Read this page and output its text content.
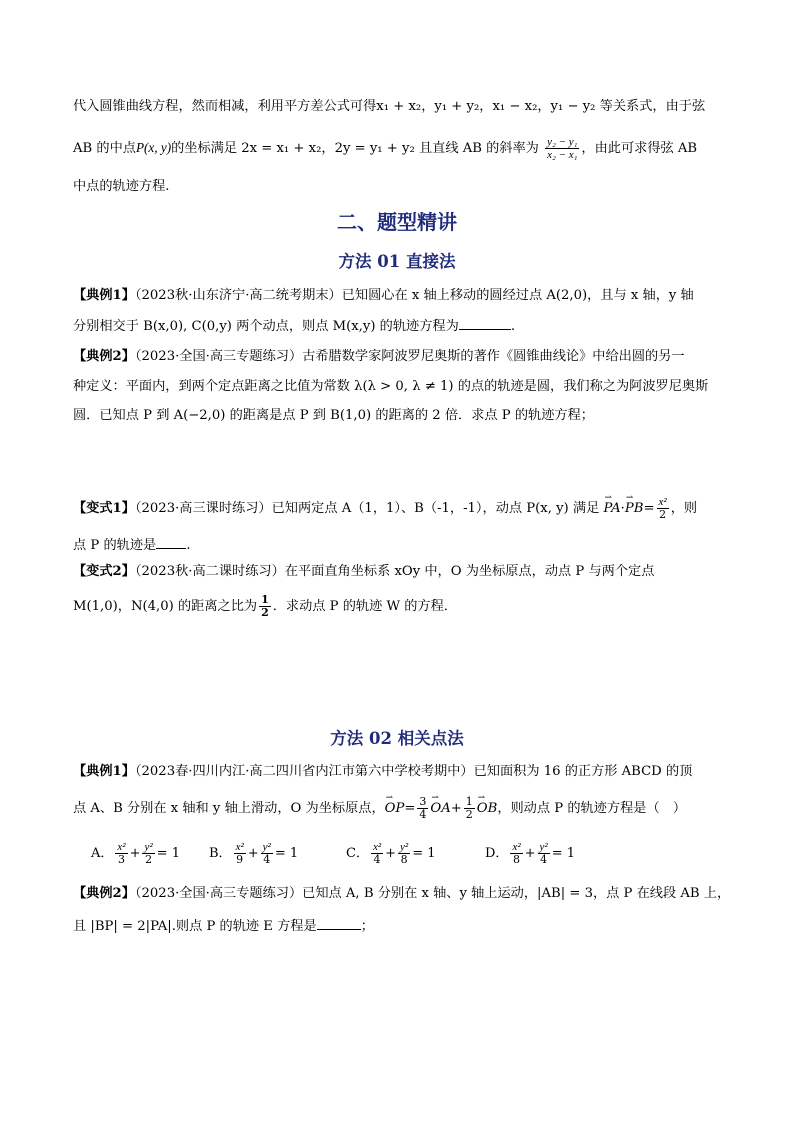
代入圆锥曲线方程，然而相减，利用平方差公式可得x₁ + x₂，y₁ + y₂，x₁ − x₂，y₁ − y₂ 等关系式，由于弦
AB 的中点P(x, y)的坐标满足 2x = x₁ + x₂，2y = y₁ + y₂ 且直线 AB 的斜率为 $\frac{\text{y₂ − y₁}}{\text{x₂ − x₁}}$ ，由此可求得弦 AB
中点的轨迹方程.
二、题型精讲
方法 01 直接法
【典例1】（2023秋·山东济宁·高二统考期末）已知圆心在 x 轴上移动的圆经过点 A(2,0)，且与 x 轴，y 轴
分别相交于 B(x,0), C(0,y) 两个动点，则点 M(x,y) 的轨迹方程为	.
【典例2】（2023·全国·高三专题练习）古希腊数学家阿波罗尼奥斯的著作《圆锥曲线论》中给出圆的另一
种定义：平面内，到两个定点距离之比值为常数 λ(λ > 0, λ ≠ 1) 的点的轨迹是圆，我们称之为阿波罗尼奥斯
圆．已知点 P 到 A(−2,0) 的距离是点 P 到 B(1,0) 的距离的 2 倍．求点 P 的轨迹方程；
【变式1】（2023·高三课时练习）已知两定点 A（1，1）、B（-1，-1），动点 P(x, y) 满足 ⇀ PA·⇀ $PB= \frac{\text{x²}}{2}$ ，则
点 P 的轨迹是 .
【变式2】（2023秋·高二课时练习）在平面直角坐标系 xOy 中，O 为坐标原点，动点 P 与两个定点
M(1,0)，N(4,0) 的距离之比为 $\frac{1}{2}$ ．求动点 P 的轨迹 W 的方程．
方法 02 相关点法
【典例1】（2023春·四川内江·高二四川省内江市第六中学校考期中）已知面积为 16 的正方形 ABCD 的顶
点 A、B 分别在 x 轴和 y 轴上滑动，O 为坐标原点，⇀ $OP= \frac{3}{4}$ ⇀ $OA+ \frac{1}{2}$ ⇀ OB，则动点 P 的轨迹方程是（　）
A． $\frac{\text{x²}}{3} + \frac{\text{y²}}{2} = 1$ B． $\frac{\text{x²}}{9} + \frac{\text{y²}}{4} = 1$	C． $\frac{\text{x²}}{4} + \frac{\text{y²}}{8} = 1$	D． $\frac{\text{x²}}{8} + \frac{\text{y²}}{4} = 1$
【典例2】（2023·全国·高三专题练习）已知点 A, B 分别在 x 轴、y 轴上运动，|AB| = 3，点 P 在线段 AB 上，
且 |BP| = 2|PA|.则点 P 的轨迹 E 方程是	；
